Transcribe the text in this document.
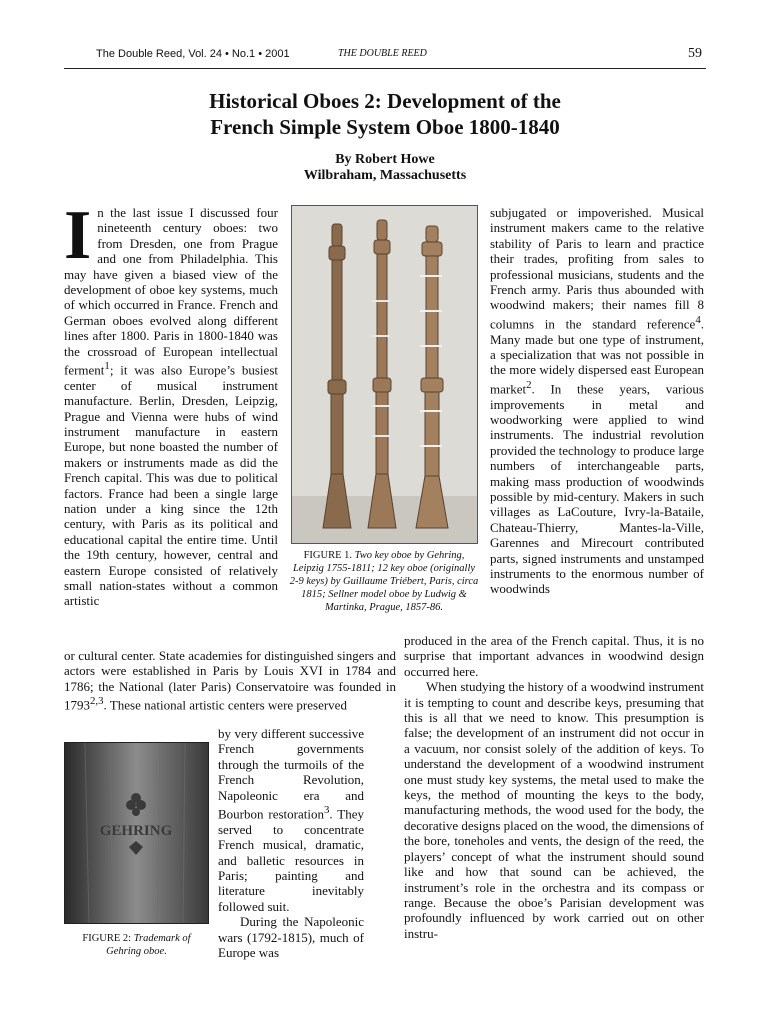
The Double Reed, Vol. 24 • No.1 • 2001	THE DOUBLE REED	59
Historical Oboes 2: Development of the
French Simple System Oboe 1800-1840
By Robert Howe
Wilbraham, Massachusetts

In the last issue I discussed four nineteenth century oboes: two from Dresden, one from Prague and one from Philadelphia. This may have given a biased view of the development of oboe key systems, much of which occurred in France. French and German oboes evolved along different lines after 1800. Paris in 1800-1840 was the crossroad of European intellectual ferment$^1$; it was also Europe’s busiest center of musical instrument manufacture. Berlin, Dresden, Leipzig, Prague and Vienna were hubs of wind instrument manufacture in eastern Europe, but none boasted the number of makers or instruments made as did the French capital. This was due to political factors. France had been a single large nation under a king since the 12th century, with Paris as its political and educational capital the entire time. Until the 19th century, however, central and eastern Europe consisted of relatively small nation-states without a common artistic

FIGURE 1. Two key oboe by Gehring, Leipzig 1755-1811; 12 key oboe (originally 2-9 keys) by Guillaume Triébert, Paris, circa 1815; Sellner model oboe by Ludwig & Martinka, Prague, 1857-86.

subjugated or impoverished. Musical instrument makers came to the relative stability of Paris to learn and practice their trades, profiting from sales to professional musicians, students and the French army. Paris thus abounded with woodwind makers; their names fill 8 columns in the standard reference$^4$. Many made but one type of instrument, a specialization that was not possible in the more widely dispersed east European market$^2$. In these years, various improvements in metal and woodworking were applied to wind instruments. The industrial revolution provided the technology to produce large numbers of interchangeable parts, making mass production of woodwinds possible by mid-century. Makers in such villages as LaCouture, Ivry-la-Bataile, Chateau-Thierry, Mantes-la-Ville, Garennes and Mirecourt contributed parts, signed instruments and unstamped instruments to the enormous number of woodwinds

or cultural center. State academies for distinguished singers and actors were established in Paris by Louis XVI in 1784 and 1786; the National (later Paris) Conservatoire was founded in 1793$^{2,3}$. These national artistic centers were preserved

GEHRING
FIGURE 2: Trademark of Gehring oboe.

by very different successive French governments through the turmoils of the French Revolution, Napoleonic era and Bourbon restoration$^3$. They served to concentrate French musical, dramatic, and balletic resources in Paris; painting and literature inevitably followed suit.

During the Napoleonic wars (1792-1815), much of Europe was

produced in the area of the French capital. Thus, it is no surprise that important advances in woodwind design occurred here.

When studying the history of a woodwind instrument it is tempting to count and describe keys, presuming that this is all that we need to know. This presumption is false; the development of an instrument did not occur in a vacuum, nor consist solely of the addition of keys. To understand the development of a woodwind instrument one must study key systems, the metal used to make the keys, the method of mounting the keys to the body, manufacturing methods, the wood used for the body, the decorative designs placed on the wood, the dimensions of the bore, toneholes and vents, the design of the reed, the players’ concept of what the instrument should sound like and how that sound can be achieved, the instrument’s role in the orchestra and its compass or range. Because the oboe’s Parisian development was profoundly influenced by work carried out on other instru-
